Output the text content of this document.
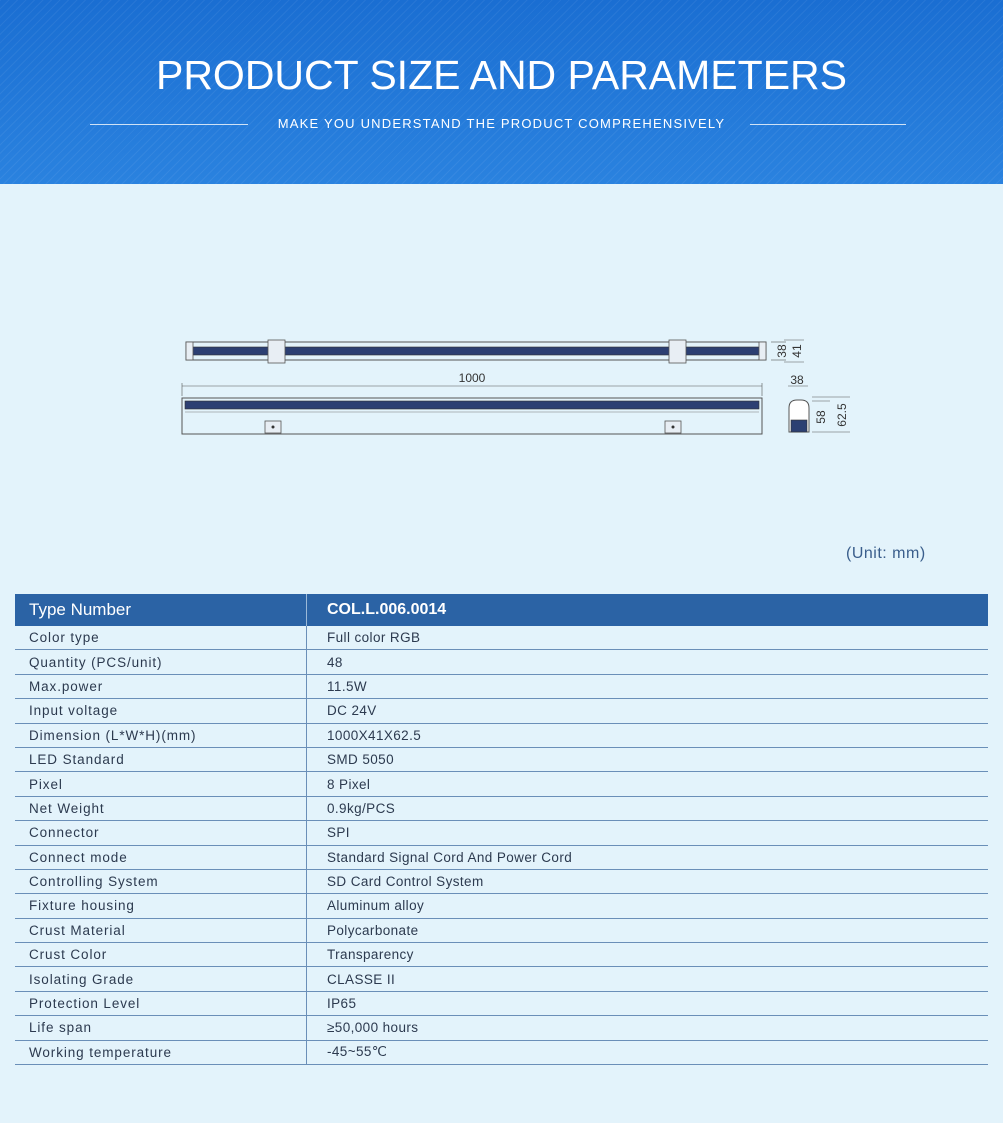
PRODUCT SIZE AND PARAMETERS
MAKE YOU UNDERSTAND THE PRODUCT COMPREHENSIVELY
38 41
1000	38
58 62.5
(Unit: mm)
Type Number	COL.L.006.0014
Color type	Full color RGB
Quantity (PCS/unit)	48
Max.power	11.5W
Input voltage	DC 24V
Dimension (L*W*H)(mm)	1000X41X62.5
LED Standard	SMD 5050
Pixel	8 Pixel
Net Weight	0.9kg/PCS
Connector	SPI
Connect mode	Standard Signal Cord And Power Cord
Controlling System	SD Card Control System
Fixture housing	Aluminum alloy
Crust Material	Polycarbonate
Crust Color	Transparency
Isolating Grade	CLASSE II
Protection Level	IP65
Life span	≥50,000 hours
Working temperature	-45~55℃
